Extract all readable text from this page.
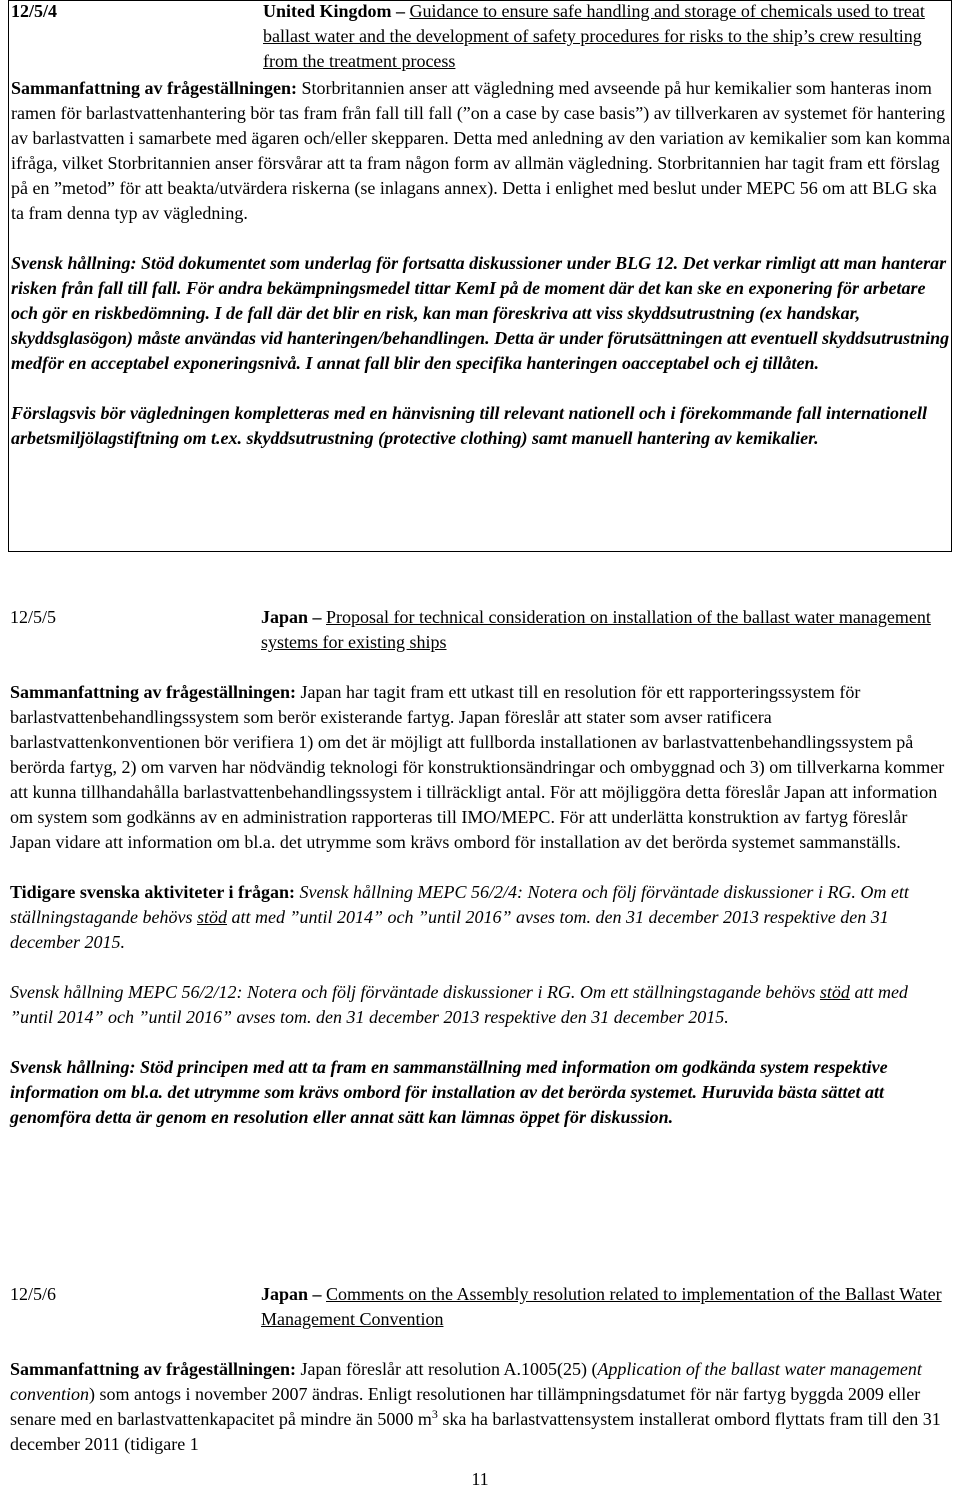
12/5/4	United Kingdom – Guidance to ensure safe handling and storage of chemicals used to treat ballast water and the development of safety procedures for risks to the ship’s crew resulting from the treatment process

Sammanfattning av frågeställningen: Storbritannien anser att vägledning med avseende på hur kemikalier som hanteras inom ramen för barlastvattenhantering bör tas fram från fall till fall (”on a case by case basis”) av tillverkaren av systemet för hantering av barlastvatten i samarbete med ägaren och/eller skepparen. Detta med anledning av den variation av kemikalier som kan komma ifråga, vilket Storbritannien anser försvårar att ta fram någon form av allmän vägledning. Storbritannien har tagit fram ett förslag på en ”metod” för att beakta/utvärdera riskerna (se inlagans annex). Detta i enlighet med beslut under MEPC 56 om att BLG ska ta fram denna typ av vägledning.

Svensk hållning: Stöd dokumentet som underlag för fortsatta diskussioner under BLG 12. Det verkar rimligt att man hanterar risken från fall till fall. För andra bekämpningsmedel tittar KemI på de moment där det kan ske en exponering för arbetare och gör en riskbedömning. I de fall där det blir en risk, kan man föreskriva att viss skyddsutrustning (ex handskar, skyddsglasögon) måste användas vid hanteringen/behandlingen. Detta är under förutsättningen att eventuell skyddsutrustning medför en acceptabel exponeringsnivå. I annat fall blir den specifika hanteringen oacceptabel och ej tillåten.

Förslagsvis bör vägledningen kompletteras med en hänvisning till relevant nationell och i förekommande fall internationell arbetsmiljölagstiftning om t.ex. skyddsutrustning (protective clothing) samt manuell hantering av kemikalier.

12/5/5	Japan – Proposal for technical consideration on installation of the ballast water management systems for existing ships

Sammanfattning av frågeställningen: Japan har tagit fram ett utkast till en resolution för ett rapporteringssystem för barlastvattenbehandlingssystem som berör existerande fartyg. Japan föreslår att stater som avser ratificera barlastvattenkonventionen bör verifiera 1) om det är möjligt att fullborda installationen av barlastvattenbehandlingssystem på berörda fartyg, 2) om varven har nödvändig teknologi för konstruktionsändringar och ombyggnad och 3) om tillverkarna kommer att kunna tillhandahålla barlastvattenbehandlingssystem i tillräckligt antal. För att möjliggöra detta föreslår Japan att information om system som godkänns av en administration rapporteras till IMO/MEPC. För att underlätta konstruktion av fartyg föreslår Japan vidare att information om bl.a. det utrymme som krävs ombord för installation av det berörda systemet sammanställs.

Tidigare svenska aktiviteter i frågan: Svensk hållning MEPC 56/2/4: Notera och följ förväntade diskussioner i RG. Om ett ställningstagande behövs stöd att med ”until 2014” och ”until 2016” avses tom. den 31 december 2013 respektive den 31 december 2015.

Svensk hållning MEPC 56/2/12: Notera och följ förväntade diskussioner i RG. Om ett ställningstagande behövs stöd att med ”until 2014” och ”until 2016” avses tom. den 31 december 2013 respektive den 31 december 2015.

Svensk hållning: Stöd principen med att ta fram en sammanställning med information om godkända system respektive information om bl.a. det utrymme som krävs ombord för installation av det berörda systemet. Huruvida bästa sättet att genomföra detta är genom en resolution eller annat sätt kan lämnas öppet för diskussion.

12/5/6	Japan – Comments on the Assembly resolution related to implementation of the Ballast Water Management Convention

Sammanfattning av frågeställningen: Japan föreslår att resolution A.1005(25) (Application of the ballast water management convention) som antogs i november 2007 ändras. Enligt resolutionen har tillämpningsdatumet för när fartyg byggda 2009 eller senare med en barlastvattenkapacitet på mindre än 5000 $m^3$ ska ha barlastvattensystem installerat ombord flyttats fram till den 31 december 2011 (tidigare 1

11
